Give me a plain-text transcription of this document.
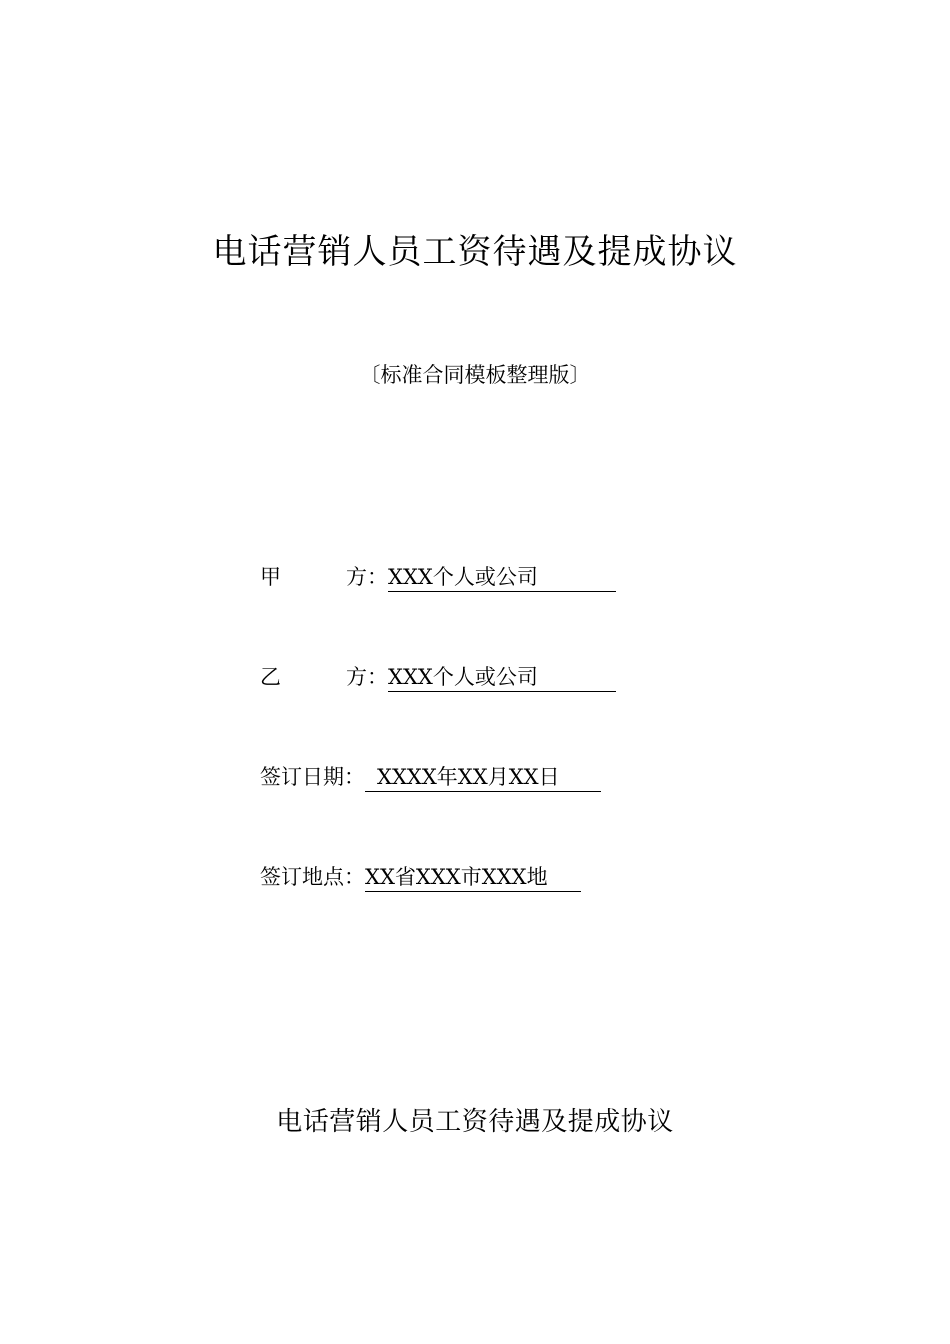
电话营销人员工资待遇及提成协议
〔标准合同模板整理版〕
甲	方： XXX个人或公司
乙	方： XXX个人或公司
签订日期： XXXX年XX月XX日
签订地点： XX省XXX市XXX地
电话营销人员工资待遇及提成协议
